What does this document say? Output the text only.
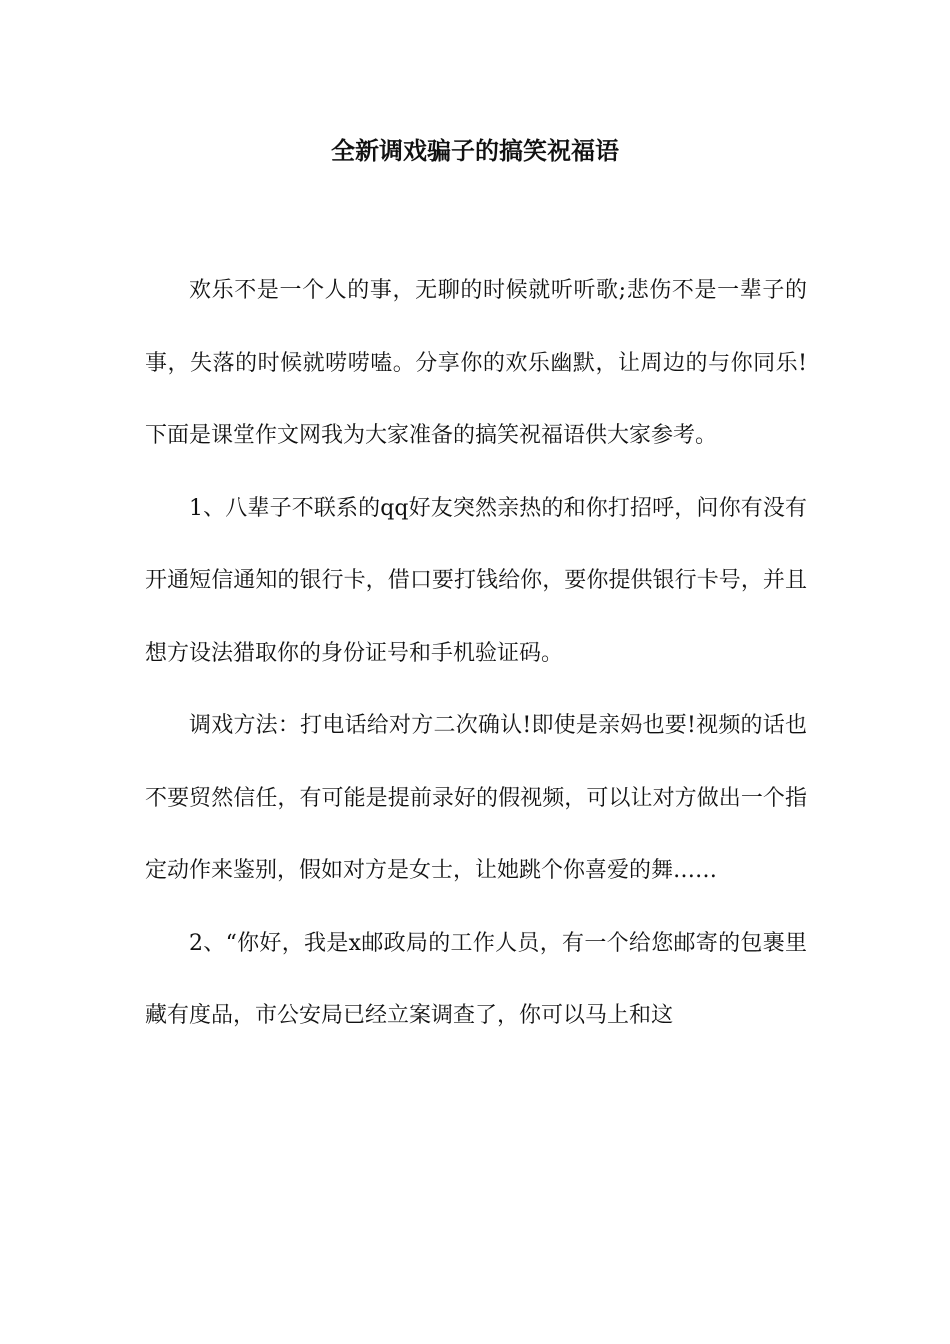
全新调戏骗子的搞笑祝福语

欢乐不是一个人的事，无聊的时候就听听歌;悲伤不是一辈子的事，失落的时候就唠唠嗑。分享你的欢乐幽默，让周边的与你同乐!下面是课堂作文网我为大家准备的搞笑祝福语供大家参考。

1、八辈子不联系的qq好友突然亲热的和你打招呼，问你有没有开通短信通知的银行卡，借口要打钱给你，要你提供银行卡号，并且想方设法猎取你的身份证号和手机验证码。

调戏方法：打电话给对方二次确认!即使是亲妈也要!视频的话也不要贸然信任，有可能是提前录好的假视频，可以让对方做出一个指定动作来鉴别，假如对方是女士，让她跳个你喜爱的舞……

2、“你好，我是x邮政局的工作人员，有一个给您邮寄的包裹里藏有度品，市公安局已经立案调查了，你可以马上和这
